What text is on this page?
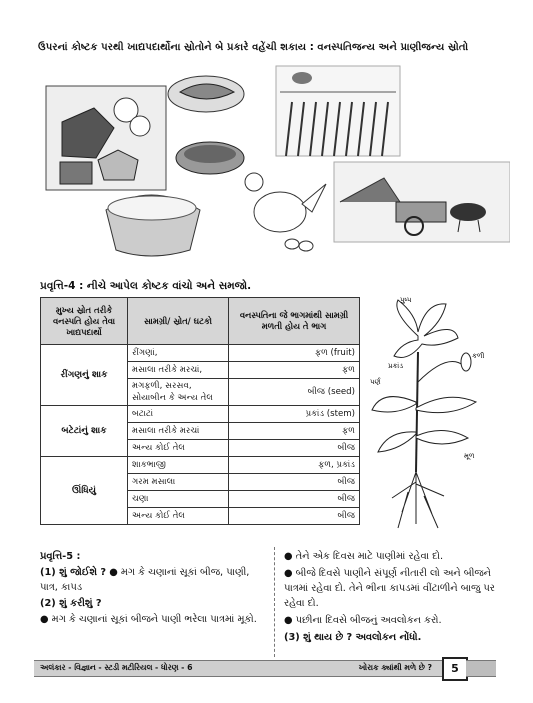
ઉપરનાં કોષ્ટક પરથી ખાદ્યપદાર્થોના સ્રોતોને બે પ્રકારે વહેંચી શકાય : વનસ્પતિજન્ય અને પ્રાણીજન્ય સ્રોતો
પ્રવૃત્તિ-4 : નીચે આપેલ કોષ્ટક વાંચો અને સમજો.
મુખ્ય સ્રોત તરીકે વનસ્પતિ હોય તેવા ખાદ્યપદાર્થો	સામગ્રી/ સ્રોત/ ઘટકો	વનસ્પતિના જે ભાગમાંથી સામગ્રી મળતી હોય તે ભાગ
રીંગણનું શાક	રીંગણાં,	ફળ (fruit)
	મસાલા તરીકે મરચાં,	ફળ
	મગફળી, સરસવ, સોયાબીન કે અન્ય તેલ	બીજ (seed)
બટેટાંનું શાક	બટાટાં	પ્રકાંડ (stem)
	મસાલા તરીકે મરચાં	ફળ
	અન્ય કોઈ તેલ	બીજ
ઊંધિયું	શાકભાજી	ફળ, પ્રકાંડ
	ગરમ મસાલા	બીજ
	ચણા	બીજ
	અન્ય કોઈ તેલ	બીજ
પુષ્પ
કળી
પ્રકાંડ
પર્ણ
મૂળ

પ્રવૃત્તિ-5 :

(1) શું જોઈશે ? ● મગ કે ચણાનાં સૂકાં બીજ, પાણી, પાત્ર, કાપડ

(2) શું કરીશું ?

● મગ કે ચણાનાં સૂકાં બીજને પાણી ભરેલા પાત્રમાં મૂકો.

● તેને એક દિવસ માટે પાણીમાં રહેવા દો.

● બીજે દિવસે પાણીને સંપૂર્ણ નીતારી લો અને બીજને પાત્રમાં રહેવા દો. તેને ભીના કાપડમાં વીંટાળીને બાજુ પર રહેવા દો.

● પછીના દિવસે બીજનું અવલોકન કરો.

(3) શું થાય છે ? અવલોકન નોંધો.

અલંકાર - વિજ્ઞાન - સ્ટડી મટીરિયલ - ધોરણ - 6	ખોરાક ક્યાંથી મળે છે ?	5
